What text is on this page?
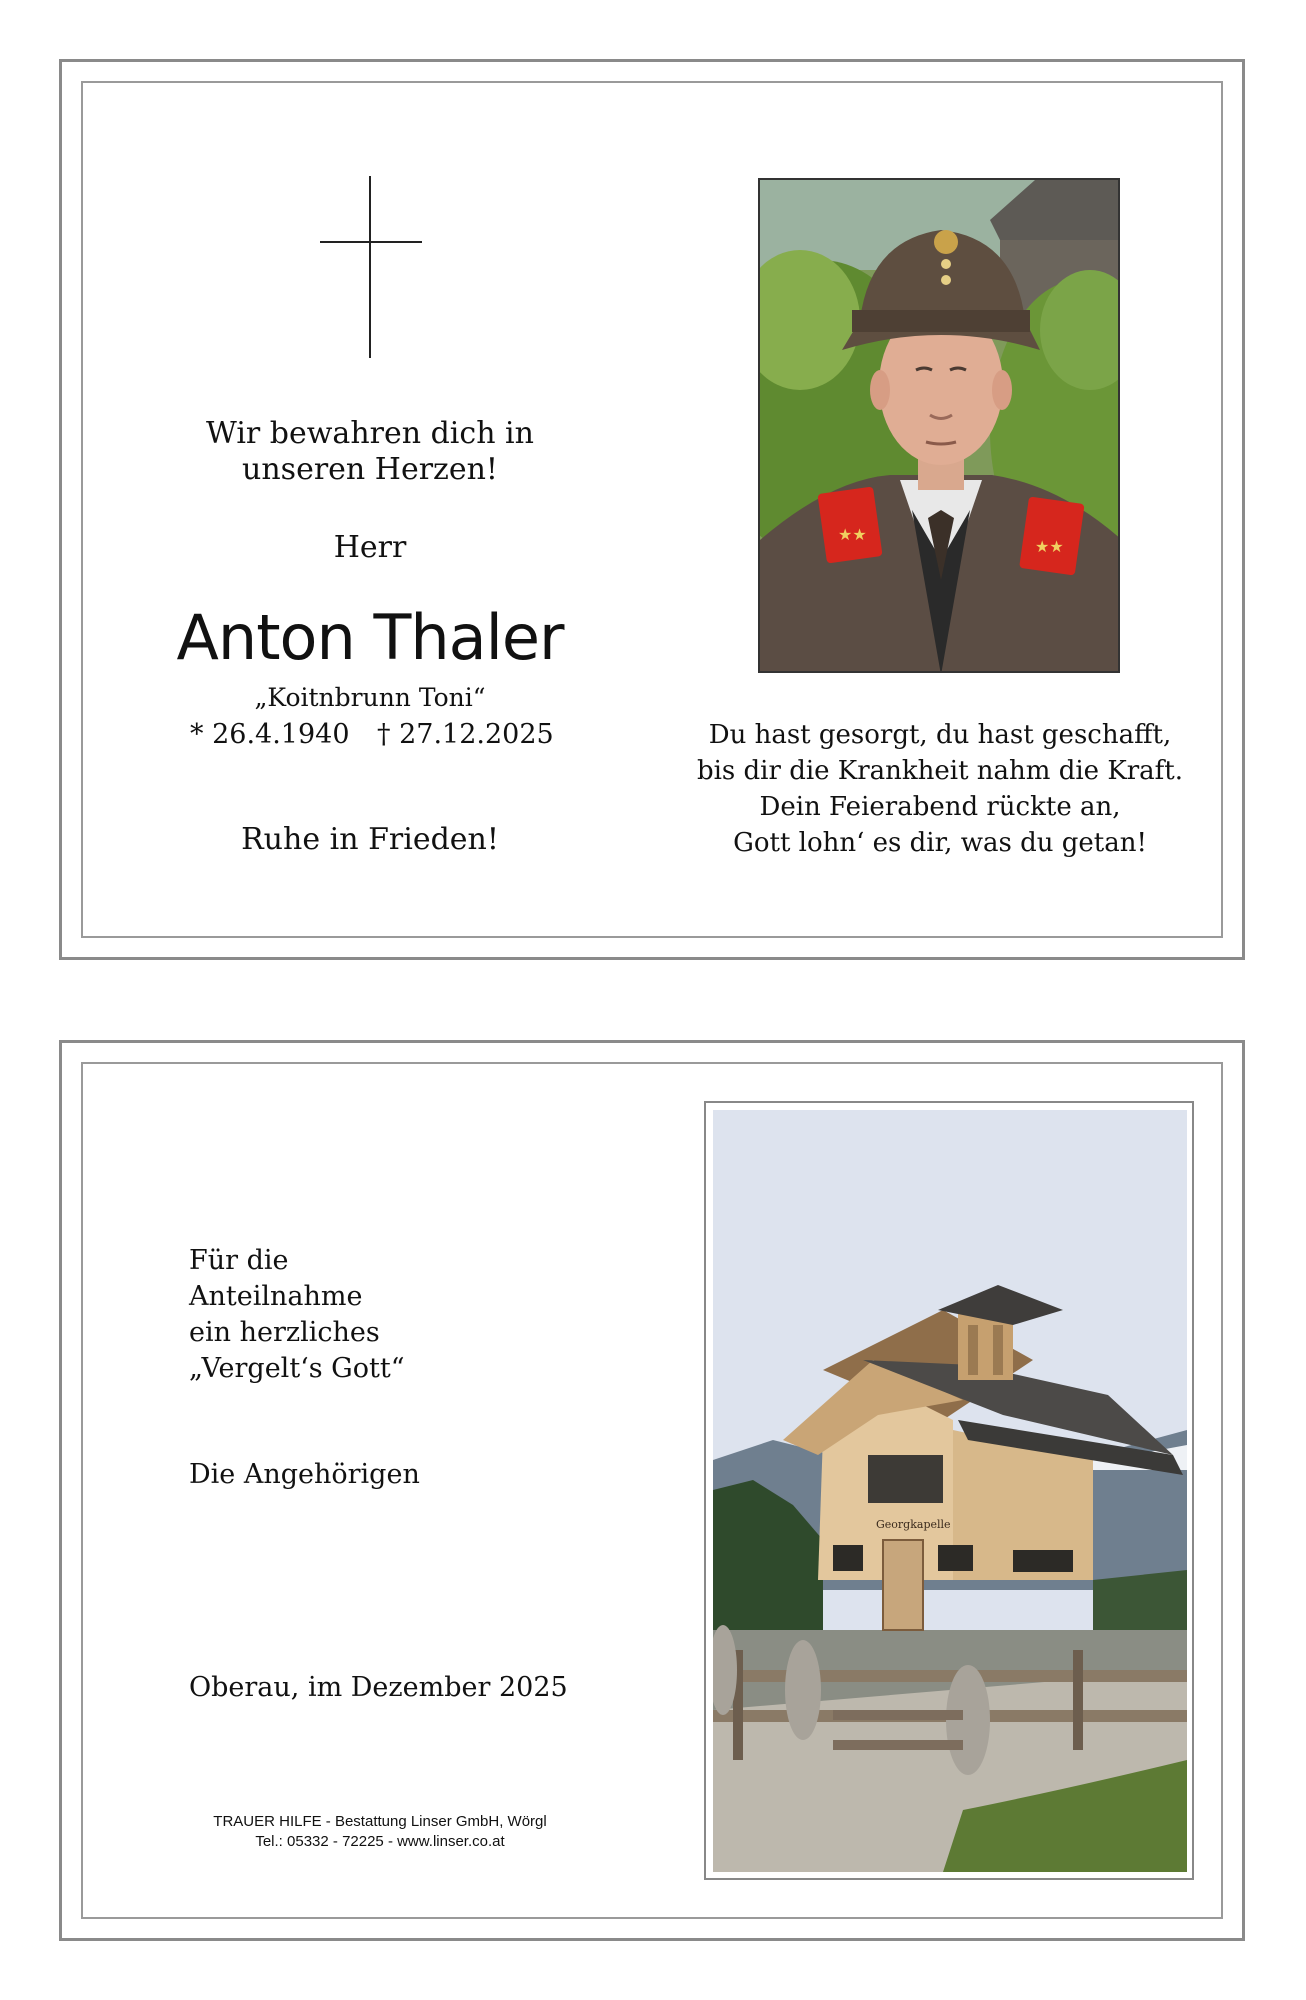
Wir bewahren dich in
unseren Herzen!
Herr
Anton Thaler
„Koitnbrunn Toni“
* 26.4.1940 † 27.12.2025
Ruhe in Frieden!
★★
★★
Du hast gesorgt, du hast geschafft,
bis dir die Krankheit nahm die Kraft.
Dein Feierabend rückte an,
Gott lohn‘ es dir, was du getan!
Für die
Anteilnahme
ein herzliches
„Vergelt‘s Gott“
Die Angehörigen
Oberau, im Dezember 2025
TRAUER HILFE - Bestattung Linser GmbH, Wörgl
Tel.: 05332 - 72225 - www.linser.co.at
Georgkapelle
